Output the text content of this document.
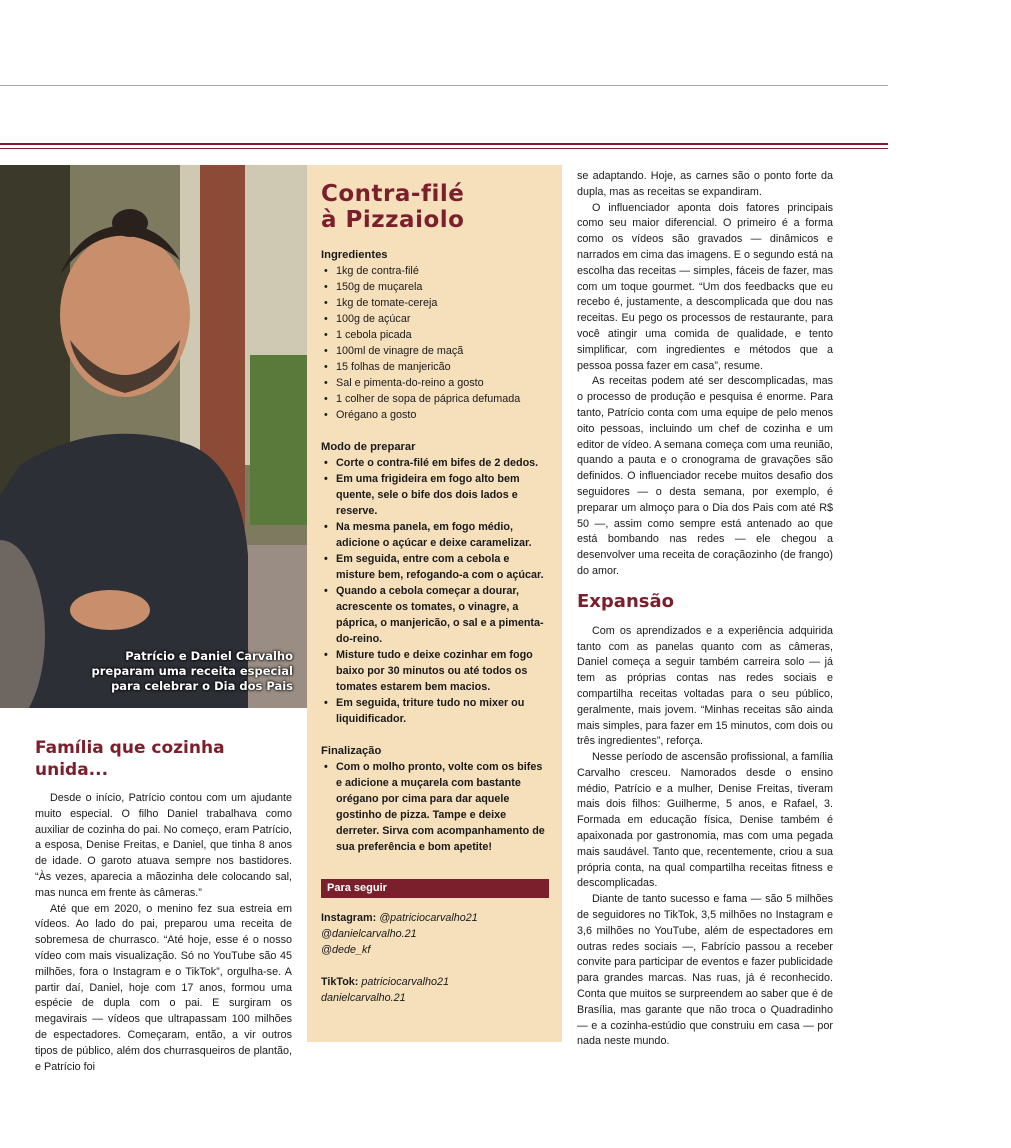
Patrício e Daniel Carvalho
preparam uma receita especial
para celebrar o Dia dos Pais
Família que cozinha unida...

Desde o início, Patrício contou com um ajudante muito especial. O filho Daniel trabalhava como auxiliar de cozinha do pai. No começo, eram Patrício, a esposa, Denise Freitas, e Daniel, que tinha 8 anos de idade. O garoto atuava sempre nos bastidores. “Às vezes, aparecia a mãozinha dele colocando sal, mas nunca em frente às câmeras.”

Até que em 2020, o menino fez sua estreia em vídeos. Ao lado do pai, preparou uma receita de sobremesa de churrasco. “Até hoje, esse é o nosso vídeo com mais visualização. Só no YouTube são 45 milhões, fora o Instagram e o TikTok”, orgulha-se. A partir daí, Daniel, hoje com 17 anos, formou uma espécie de dupla com o pai. E surgiram os megavirais — vídeos que ultrapassam 100 milhões de espectadores. Começaram, então, a vir outros tipos de público, além dos churrasqueiros de plantão, e Patrício foi

Contra-filé
à Pizzaiolo

Ingredientes

• 1kg de contra-filé
• 150g de muçarela
• 1kg de tomate-cereja
• 100g de açúcar
• 1 cebola picada
• 100ml de vinagre de maçã
• 15 folhas de manjericão
• Sal e pimenta-do-reino a gosto
• 1 colher de sopa de páprica defumada
• Orégano a gosto

Modo de preparar

• Corte o contra-filé em bifes de 2 dedos.
• Em uma frigideira em fogo alto bem quente, sele o bife dos dois lados e reserve.
• Na mesma panela, em fogo médio, adicione o açúcar e deixe caramelizar.
• Em seguida, entre com a cebola e misture bem, refogando-a com o açúcar.
• Quando a cebola começar a dourar, acrescente os tomates, o vinagre, a páprica, o manjericão, o sal e a pimenta-do-reino.
• Misture tudo e deixe cozinhar em fogo baixo por 30 minutos ou até todos os tomates estarem bem macios.
• Em seguida, triture tudo no mixer ou liquidificador.

Finalização

• Com o molho pronto, volte com os bifes e adicione a muçarela com bastante orégano por cima para dar aquele gostinho de pizza. Tampe e deixe derreter. Sirva com acompanhamento de sua preferência e bom apetite!
Para seguir

Instagram: @patriciocarvalho21
@danielcarvalho.21
@dede_kf

TikTok: patriciocarvalho21
danielcarvalho.21

se adaptando. Hoje, as carnes são o ponto forte da dupla, mas as receitas se expandiram.

O influenciador aponta dois fatores principais como seu maior diferencial. O primeiro é a forma como os vídeos são gravados — dinâmicos e narrados em cima das imagens. E o segundo está na escolha das receitas — simples, fáceis de fazer, mas com um toque gourmet. “Um dos feedbacks que eu recebo é, justamente, a descomplicada que dou nas receitas. Eu pego os processos de restaurante, para você atingir uma comida de qualidade, e tento simplificar, com ingredientes e métodos que a pessoa possa fazer em casa”, resume.

As receitas podem até ser descomplicadas, mas o processo de produção e pesquisa é enorme. Para tanto, Patrício conta com uma equipe de pelo menos oito pessoas, incluindo um chef de cozinha e um editor de vídeo. A semana começa com uma reunião, quando a pauta e o cronograma de gravações são definidos. O influenciador recebe muitos desafio dos seguidores — o desta semana, por exemplo, é preparar um almoço para o Dia dos Pais com até R$ 50 —, assim como sempre está antenado ao que está bombando nas redes — ele chegou a desenvolver uma receita de coraçãozinho (de frango) do amor.

Expansão

Com os aprendizados e a experiência adquirida tanto com as panelas quanto com as câmeras, Daniel começa a seguir também carreira solo — já tem as próprias contas nas redes sociais e compartilha receitas voltadas para o seu público, geralmente, mais jovem. “Minhas receitas são ainda mais simples, para fazer em 15 minutos, com dois ou três ingredientes”, reforça.

Nesse período de ascensão profissional, a família Carvalho cresceu. Namorados desde o ensino médio, Patrício e a mulher, Denise Freitas, tiveram mais dois filhos: Guilherme, 5 anos, e Rafael, 3. Formada em educação física, Denise também é apaixonada por gastronomia, mas com uma pegada mais saudável. Tanto que, recentemente, criou a sua própria conta, na qual compartilha receitas fitness e descomplicadas.

Diante de tanto sucesso e fama — são 5 milhões de seguidores no TikTok, 3,5 milhões no Instagram e 3,6 milhões no YouTube, além de espectadores em outras redes sociais —, Fabrício passou a receber convite para participar de eventos e fazer publicidade para grandes marcas. Nas ruas, já é reconhecido. Conta que muitos se surpreendem ao saber que é de Brasília, mas garante que não troca o Quadradinho — e a cozinha-estúdio que construiu em casa — por nada neste mundo.
